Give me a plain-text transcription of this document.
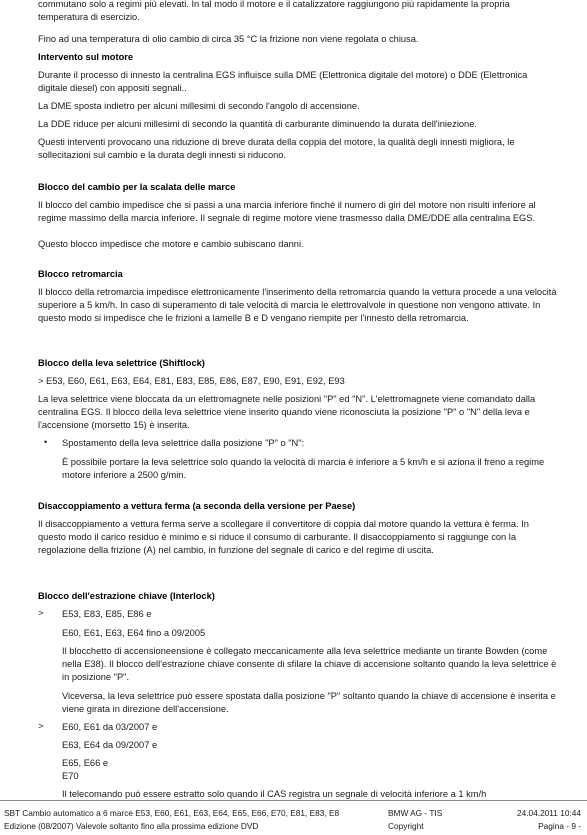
commutano solo a regimi più elevati. In tal modo il motore e il catalizzatore raggiungono più rapidamente la propria temperatura di esercizio.

Fino ad una temperatura di olio cambio di circa 35 °C la frizione non viene regolata o chiusa.

Intervento sul motore

Durante il processo di innesto la centralina EGS influisce sulla DME (Elettronica digitale del motore) o DDE (Elettronica digitale diesel) con appositi segnali..

La DME sposta indietro per alcuni millesimi di secondo l'angolo di accensione.

La DDE riduce per alcuni millesimi di secondo la quantità di carburante diminuendo la durata dell'iniezione.

Questi interventi provocano una riduzione di breve durata della coppia del motore, la qualità degli innesti migliora, le sollecitazioni sul cambio e la durata degli innesti si riducono.

Blocco del cambio per la scalata delle marce

Il blocco del cambio impedisce che si passi a una marcia inferiore finché il numero di giri del motore non risulti inferiore al regime massimo della marcia inferiore. Il segnale di regime motore viene trasmesso dalla DME/DDE alla centralina EGS.

Questo blocco impedisce che motore e cambio subiscano danni.

Blocco retromarcia

Il blocco della retromarcia impedisce elettronicamente l'inserimento della retromarcia quando la vettura procede a una velocità superiore a 5 km/h. In caso di superamento di tale velocità di marcia le elettrovalvole in questione non vengono attivate. In questo modo si impedisce che le frizioni a lamelle B e D vengano riempite per l'innesto della retromarcia.

Blocco della leva selettrice (Shiftlock)

> E53, E60, E61, E63, E64, E81, E83, E85, E86, E87, E90, E91, E92, E93

La leva selettrice viene bloccata da un elettromagnete nelle posizioni "P" ed "N". L'elettromagnete viene comandato dalla centralina EGS. Il blocco della leva selettrice viene inserito quando viene riconosciuta la posizione "P" o "N" della leva e l'accensione (morsetto 15) è inserita.

• Spostamento della leva selettrice dalla posizione "P" o "N":

È possibile portare la leva selettrice solo quando la velocità di marcia è inferiore a 5 km/h e si aziona il freno a regime motore inferiore a 2500 g/min.

Disaccoppiamento a vettura ferma (a seconda della versione per Paese)

Il disaccoppiamento a vettura ferma serve a scollegare il convertitore di coppia dal motore quando la vettura è ferma. In questo modo il carico residuo è minimo e si riduce il consumo di carburante. Il disaccoppiamento si raggiunge con la regolazione della frizione (A) nel cambio, in funzione del segnale di carico e del regime di uscita.

Blocco dell'estrazione chiave (Interlock)

> E53, E83, E85, E86 e

E60, E61, E63, E64 fino a 09/2005

Il blocchetto di accensioneensione è collegato meccanicamente alla leva selettrice mediante un tirante Bowden (come nella E38). Il blocco dell'estrazione chiave consente di sfilare la chiave di accensione soltanto quando la leva selettrice è in posizione "P".

Viceversa, la leva selettrice può essere spostata dalla posizione "P" soltanto quando la chiave di accensione è inserita e viene girata in direzione dell'accensione.

> E60, E61 da 03/2007 e

E63, E64 da 09/2007 e

E65, E66 e

E70

Il telecomando può essere estratto solo quando il CAS registra un segnale di velocità inferiore a 1 km/h

SBT Cambio automatico a 6 marce E53, E60, E61, E63, E64, E65, E66, E70, E81, E83, E8
Edizione (08/2007) Valevole soltanto fino alla prossima edizione DVD
BMW AG - TIS
Copyright
24.04.2011 10:44
Pagina - 9 -
